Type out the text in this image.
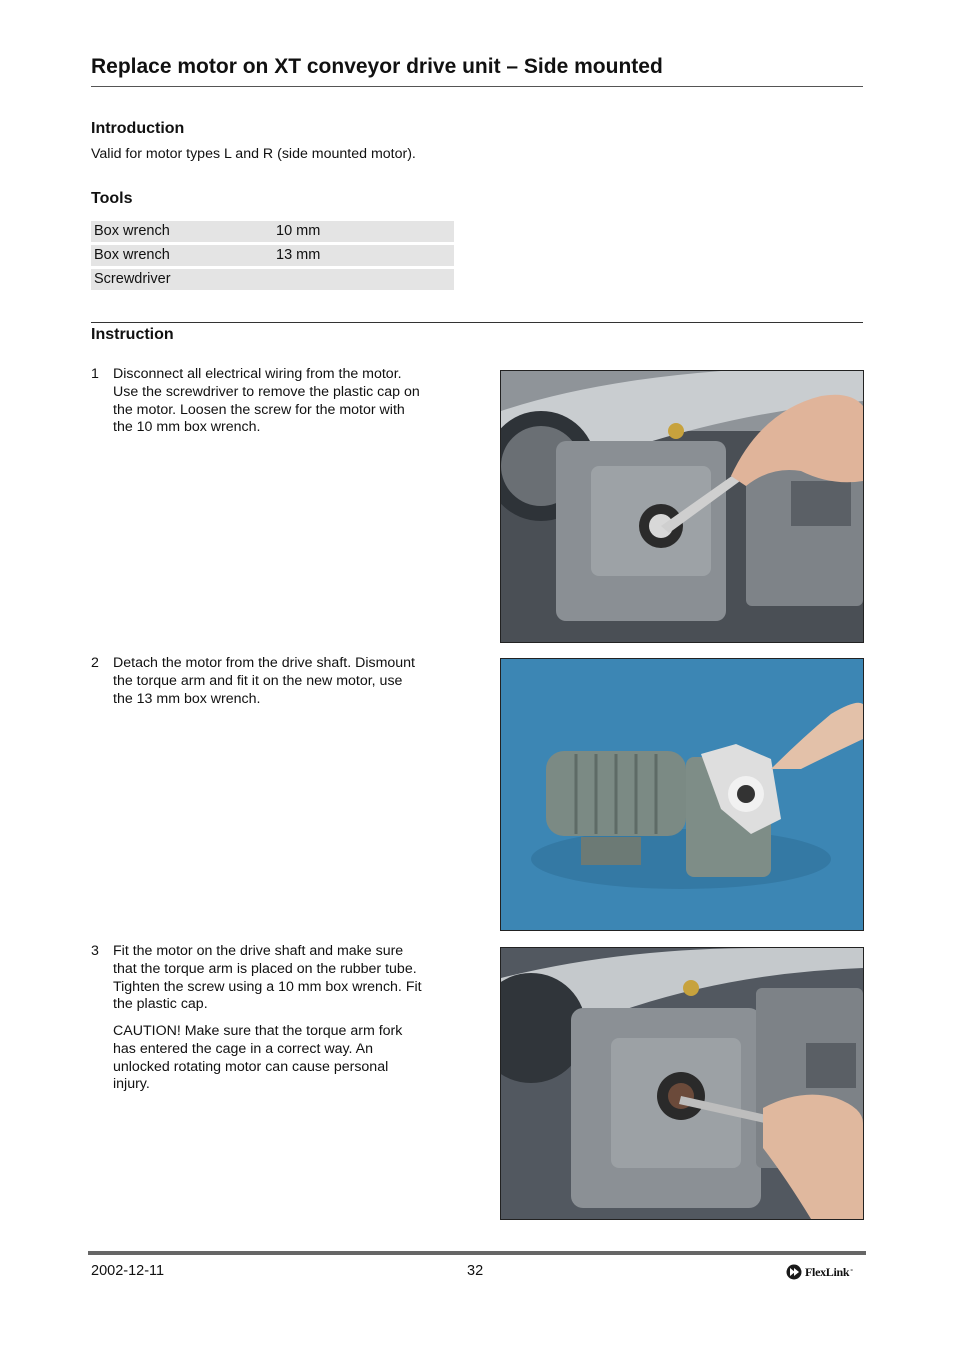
Replace motor on XT conveyor drive unit – Side mounted
Introduction
Valid for motor types L and R (side mounted motor).
Tools
Box wrench	10 mm
Box wrench	13 mm
Screwdriver
Instruction
1 Disconnect all electrical wiring from the motor.
Use the screwdriver to remove the plastic cap on
the motor. Loosen the screw for the motor with
the 10 mm box wrench.
2 Detach the motor from the drive shaft. Dismount
the torque arm and fit it on the new motor, use
the 13 mm box wrench.
3 Fit the motor on the drive shaft and make sure
that the torque arm is placed on the rubber tube.
Tighten the screw using a 10 mm box wrench. Fit
the plastic cap.
CAUTION! Make sure that the torque arm fork
has entered the cage in a correct way. An
unlocked rotating motor can cause personal
injury.
2002-12-11	32	FlexLink °
